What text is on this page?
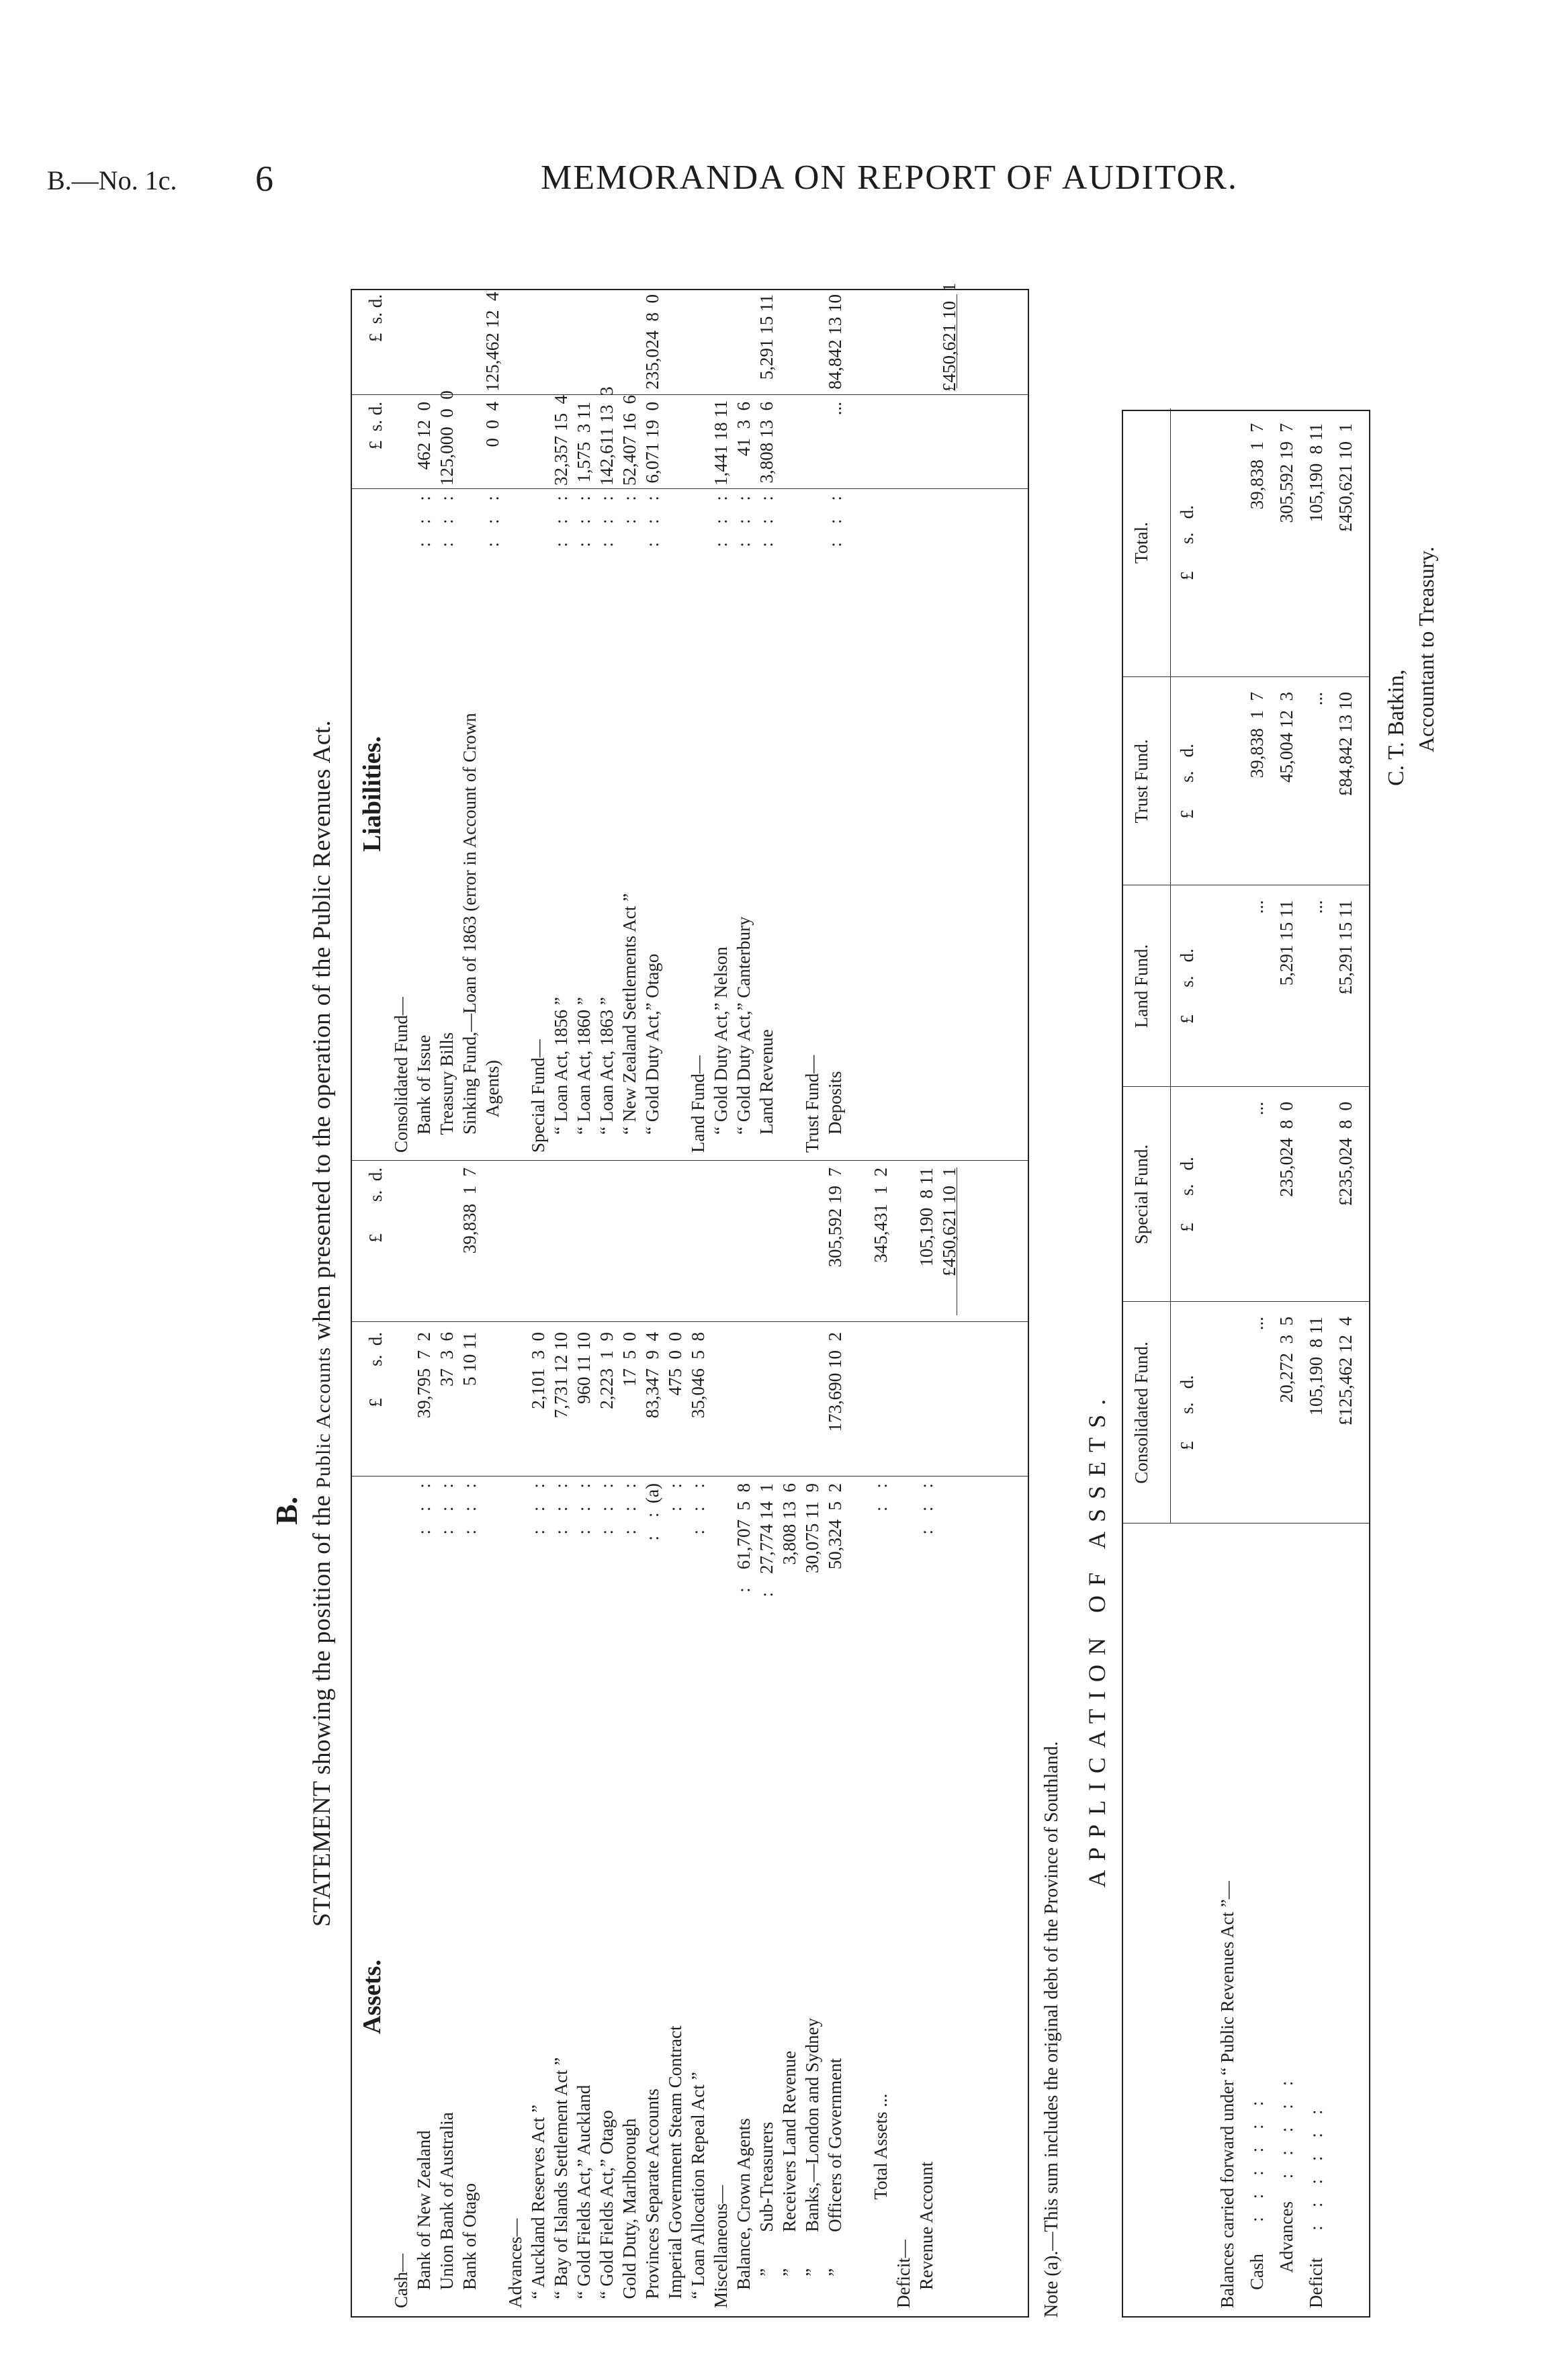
B.—No. 1c. 6	MEMORANDA ON REPORT OF AUDITOR.
B. STATEMENT showing the position of the Public Accounts when presented to the operation of the Public Revenues Act.
Assets.
Liabilities.
£       s.  d.
£       s.  d.
£  s. d.
£  s. d.
Cash— Bank of New Zealand
:    :    :
39,795  7  2
Union Bank of Australia
:    :    :
37  3  6
Bank of Otago
:    :    :
5 10 11
39,838  1  7
Advances— “ Auckland Reserves Act ”
:    :    :
2,101  3  0
“ Bay of Islands Settlement Act ”
:    :    :
7,731 12 10
“ Gold Fields Act,” Auckland
:    :    :
960 11 10
“ Gold Fields Act,” Otago
:    :    :
2,223  1  9
Gold Duty, Marlborough
:    :    :
17  5  0
Provinces Separate Accounts
:    :  (a)
83,347  9  4
Imperial Government Steam Contract
:    :
475  0  0
“ Loan Allocation Repeal Act ”
:    :    :
35,046  5  8
Miscellaneous— Balance, Crown Agents
:    61,707  5  8
”        Sub-Treasurers
:    27,774 14  1
”        Receivers Land Revenue
3,808 13  6
”        Banks,—London and Sydney
30,075 11  9
”        Officers of Government
50,324  5  2
173,690 10  2
305,592 19  7
Total Assets ...
:    :
345,431  1  2
Deficit— Revenue Account
:    :    :
105,190  8 11 £450,621 10  1
Consolidated Fund— Bank of Issue
:    :    :
462 12  0
Treasury Bills
:    :    :
125,000  0  0
Sinking Fund,—Loan of 1863 (error in Account of Crown Agents)
:    :    :
0  0  4
125,462 12  4
Special Fund— “ Loan Act, 1856 ”
:    :    :
32,357 15  4
“ Loan Act, 1860 ”
:    :    :
1,575  3 11
“ Loan Act, 1863 ”
:    :    :
142,611 13  3
“ New Zealand Settlements Act ”
:    :
52,407 16  6
“ Gold Duty Act,” Otago
:    :    :
6,071 19  0
235,024  8  0
Land Fund— “ Gold Duty Act,” Nelson
:    :    :
1,441 18 11
“ Gold Duty Act,” Canterbury
:    :    :
41  3  6
Land Revenue
:    :    :
3,808 13  6
5,291 15 11
Trust Fund— Deposits
:    :    :
...
84,842 13 10	£450,621 10  1
Note (a).—This sum includes the original debt of the Province of Southland.
APPLICATION OF ASSETS. Consolidated Fund. £      s.   d.
Special Fund. £      s.   d.
Land Fund. £      s.   d.
Trust Fund. £      s.   d.
Total. £      s.   d.
Balances carried forward under “ Public Revenues Act ”— Cash       :    :    :    :    :    :
...
...
...
39,838  1  7
39,838  1  7
Advances     :    :    :    :    :
20,272  3  5
235,024  8  0
5,291 15 11
45,004 12  3
305,592 19  7
Deficit      :    :    :    :    :    :
105,190  8 11
...
...
105,190  8 11
£125,462 12  4
£235,024  8  0
£5,291 15 11
£84,842 13 10
£450,621 10  1
C. T. Batkin, Accountant to Treasury.
